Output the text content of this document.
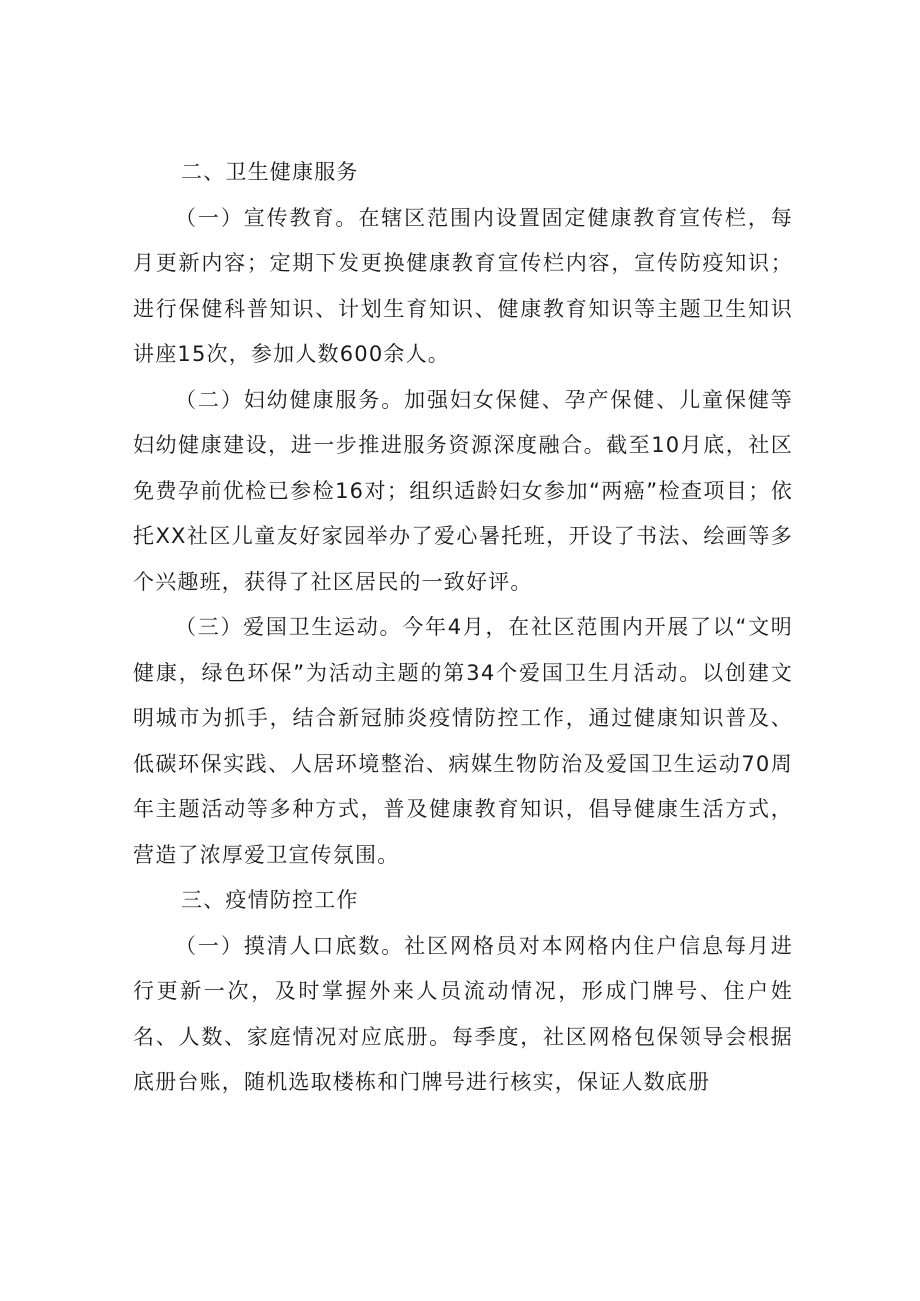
二、卫生健康服务

（一）宣传教育。在辖区范围内设置固定健康教育宣传栏，每月更新内容；定期下发更换健康教育宣传栏内容，宣传防疫知识；进行保健科普知识、计划生育知识、健康教育知识等主题卫生知识讲座15次，参加人数600余人。

（二）妇幼健康服务。加强妇女保健、孕产保健、儿童保健等妇幼健康建设，进一步推进服务资源深度融合。截至10月底，社区免费孕前优检已参检16对；组织适龄妇女参加“两癌”检查项目；依托XX社区儿童友好家园举办了爱心暑托班，开设了书法、绘画等多个兴趣班，获得了社区居民的一致好评。

（三）爱国卫生运动。今年4月，在社区范围内开展了以“文明健康，绿色环保”为活动主题的第34个爱国卫生月活动。以创建文明城市为抓手，结合新冠肺炎疫情防控工作，通过健康知识普及、低碳环保实践、人居环境整治、病媒生物防治及爱国卫生运动70周年主题活动等多种方式，普及健康教育知识，倡导健康生活方式，营造了浓厚爱卫宣传氛围。

三、疫情防控工作

（一）摸清人口底数。社区网格员对本网格内住户信息每月进行更新一次，及时掌握外来人员流动情况，形成门牌号、住户姓名、人数、家庭情况对应底册。每季度，社区网格包保领导会根据底册台账，随机选取楼栋和门牌号进行核实，保证人数底册
